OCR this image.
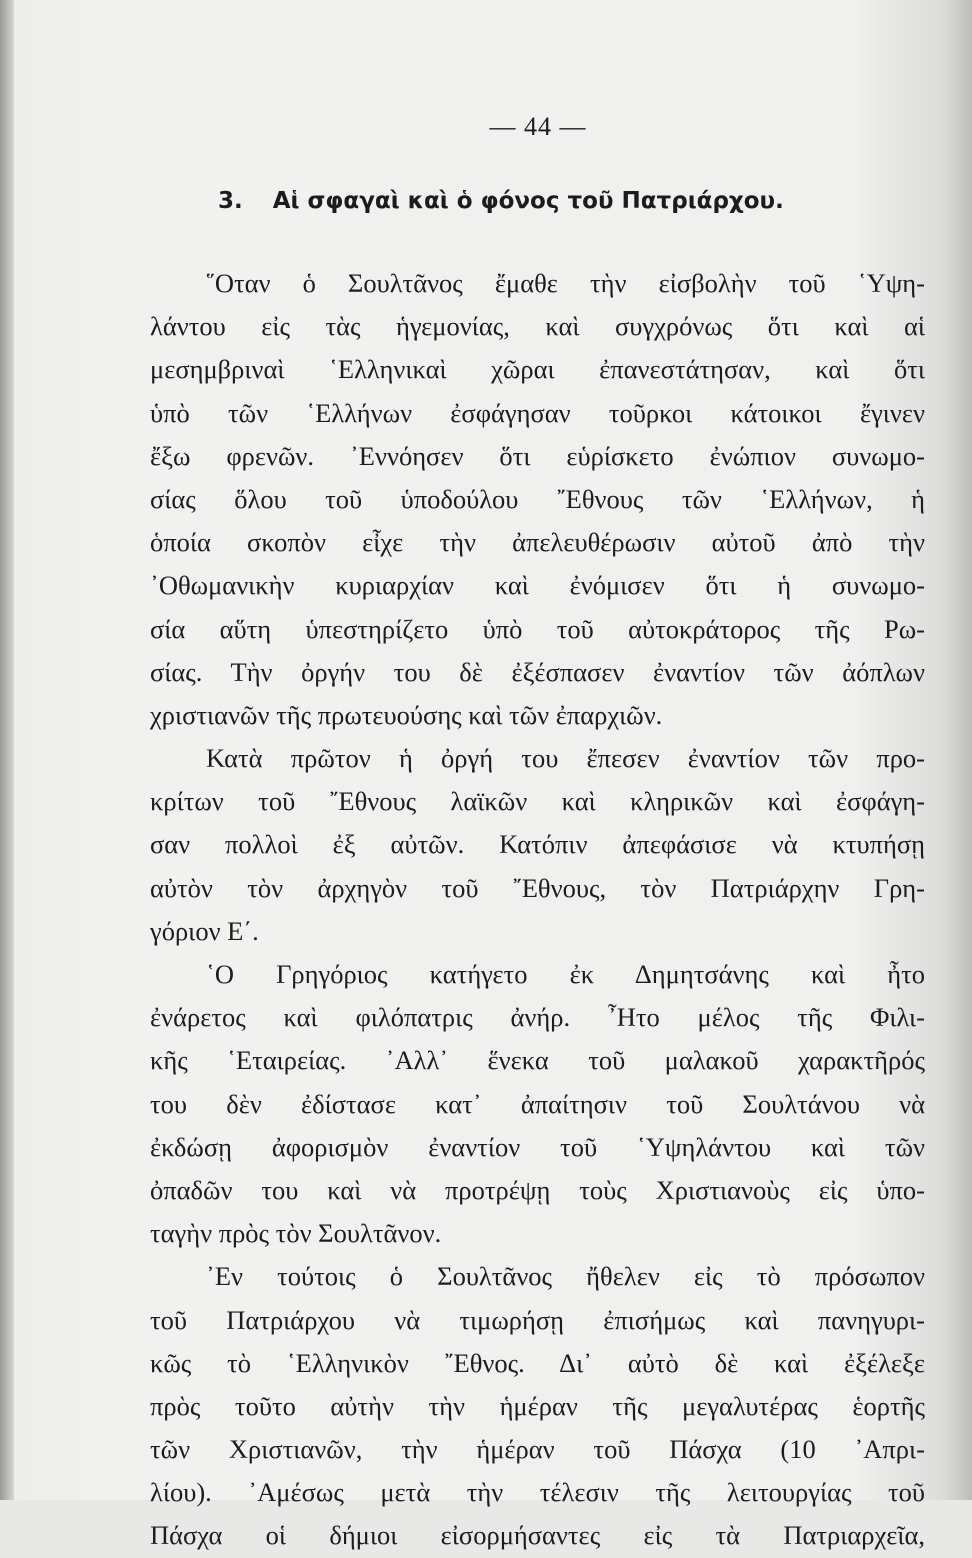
— 44 —
3. Αἱ σφαγαὶ καὶ ὁ φόνος τοῦ Πατριάρχου.
῞Οταν ὁ Σουλτᾶνος ἔμαθε τὴν εἰσβολὴν τοῦ ῾Υψη-
λάντου εἰς τὰς ἡγεμονίας, καὶ συγχρόνως ὅτι καὶ αἱ
μεσημβριναὶ ῾Ελληνικαὶ χῶραι ἐπανεστάτησαν, καὶ ὅτι
ὑπὸ τῶν ῾Ελλήνων ἐσφάγησαν τοῦρκοι κάτοικοι ἔγινεν
ἔξω φρενῶν. ᾿Εννόησεν ὅτι εὑρίσκετο ἐνώπιον συνωμο-
σίας ὅλου τοῦ ὑποδούλου ῎Εθνους τῶν ῾Ελλήνων, ἡ
ὁποία σκοπὸν εἶχε τὴν ἀπελευθέρωσιν αὐτοῦ ἀπὸ τὴν
᾿Οθωμανικὴν κυριαρχίαν καὶ ἐνόμισεν ὅτι ἡ συνωμο-
σία αὕτη ὑπεστηρίζετο ὑπὸ τοῦ αὐτοκράτορος τῆς Ρω-
σίας. Τὴν ὀργήν του δὲ ἐξέσπασεν ἐναντίον τῶν ἀόπλων
χριστιανῶν τῆς πρωτευούσης καὶ τῶν ἐπαρχιῶν.
Κατὰ πρῶτον ἡ ὀργή του ἔπεσεν ἐναντίον τῶν προ-
κρίτων τοῦ ῎Εθνους λαϊκῶν καὶ κληρικῶν καὶ ἐσφάγη-
σαν πολλοὶ ἐξ αὐτῶν. Κατόπιν ἀπεφάσισε νὰ κτυπήσῃ
αὐτὸν τὸν ἀρχηγὸν τοῦ ῎Εθνους, τὸν Πατριάρχην Γρη-
γόριον Ε΄.
῾Ο Γρηγόριος κατήγετο ἐκ Δημητσάνης καὶ ἦτο
ἐνάρετος καὶ φιλόπατρις ἀνήρ. ῏Ητο μέλος τῆς Φιλι-
κῆς ῾Εταιρείας. ᾿Αλλ᾿ ἕνεκα τοῦ μαλακοῦ χαρακτῆρός
του δὲν ἐδίστασε κατ᾿ ἀπαίτησιν τοῦ Σουλτάνου νὰ
ἐκδώσῃ ἀφορισμὸν ἐναντίον τοῦ ῾Υψηλάντου καὶ τῶν
ὀπαδῶν του καὶ νὰ προτρέψῃ τοὺς Χριστιανοὺς εἰς ὑπο-
ταγὴν πρὸς τὸν Σουλτᾶνον.
᾿Εν τούτοις ὁ Σουλτᾶνος ἤθελεν εἰς τὸ πρόσωπον
τοῦ Πατριάρχου νὰ τιμωρήσῃ ἐπισήμως καὶ πανηγυρι-
κῶς τὸ ῾Ελληνικὸν ῎Εθνος. Δι᾿ αὐτὸ δὲ καὶ ἐξέλεξε
πρὸς τοῦτο αὐτὴν τὴν ἡμέραν τῆς μεγαλυτέρας ἑορτῆς
τῶν Χριστιανῶν, τὴν ἡμέραν τοῦ Πάσχα (10 ᾿Απρι-
λίου). ᾿Αμέσως μετὰ τὴν τέλεσιν τῆς λειτουργίας τοῦ
Πάσχα οἱ δήμιοι εἰσορμήσαντες εἰς τὰ Πατριαρχεῖα,
